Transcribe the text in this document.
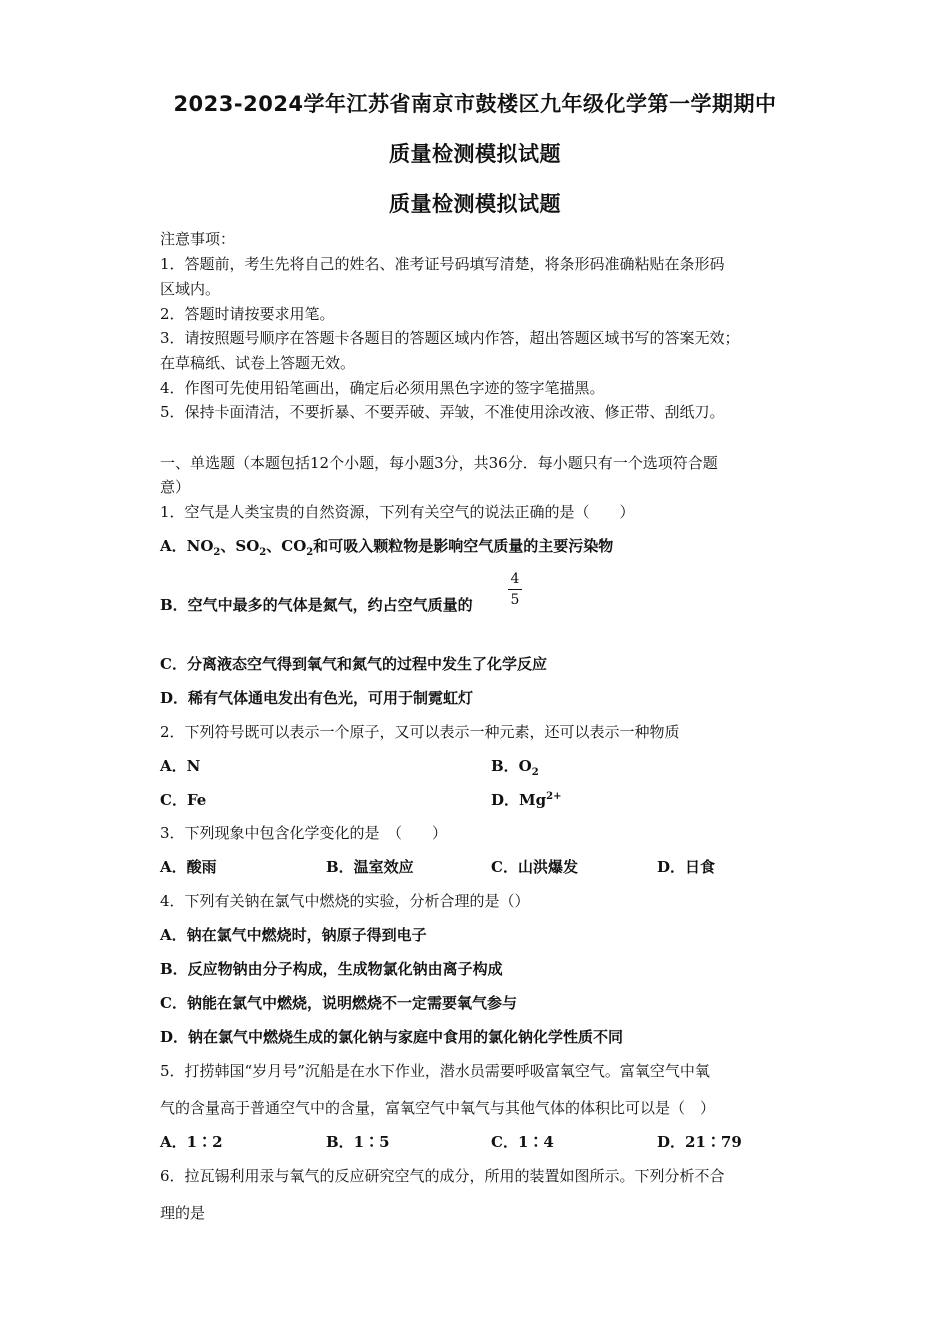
2023-2024学年江苏省南京市鼓楼区九年级化学第一学期期中
质量检测模拟试题
质量检测模拟试题
注意事项：
1．答题前，考生先将自己的姓名、准考证号码填写清楚，将条形码准确粘贴在条形码
区域内。
2．答题时请按要求用笔。
3．请按照题号顺序在答题卡各题目的答题区域内作答，超出答题区域书写的答案无效；
在草稿纸、试卷上答题无效。
4．作图可先使用铅笔画出，确定后必须用黑色字迹的签字笔描黑。
5．保持卡面清洁，不要折暴、不要弄破、弄皱，不准使用涂改液、修正带、刮纸刀。
一、单选题（本题包括12个小题，每小题3分，共36分．每小题只有一个选项符合题
意）
1．空气是人类宝贵的自然资源，下列有关空气的说法正确的是（　　）
A．$NO_2$、$SO_2$、$CO_2$和可吸入颗粒物是影响空气质量的主要污染物
B．空气中最多的气体是氮气，约占空气质量的
4
5
C．分离液态空气得到氧气和氮气的过程中发生了化学反应
D．稀有气体通电发出有色光，可用于制霓虹灯
2．下列符号既可以表示一个原子，又可以表示一种元素，还可以表示一种物质
A．N	B．$O_2$
C．Fe	D．$Mg^{2+}$
3．下列现象中包含化学变化的是　（　　）
A．酸雨	B．温室效应	C．山洪爆发	D．日食
4．下列有关钠在氯气中燃烧的实验，分析合理的是（）
A．钠在氯气中燃烧时，钠原子得到电子
B．反应物钠由分子构成，生成物氯化钠由离子构成
C．钠能在氯气中燃烧，说明燃烧不一定需要氧气参与
D．钠在氯气中燃烧生成的氯化钠与家庭中食用的氯化钠化学性质不同
5．打捞韩国“岁月号”沉船是在水下作业，潜水员需要呼吸富氧空气。富氧空气中氧
气的含量高于普通空气中的含量，富氧空气中氧气与其他气体的体积比可以是（　）
A．1∶2	B．1∶5	C．1∶4	D．21∶79
6．拉瓦锡利用汞与氧气的反应研究空气的成分，所用的装置如图所示。下列分析不合
理的是
